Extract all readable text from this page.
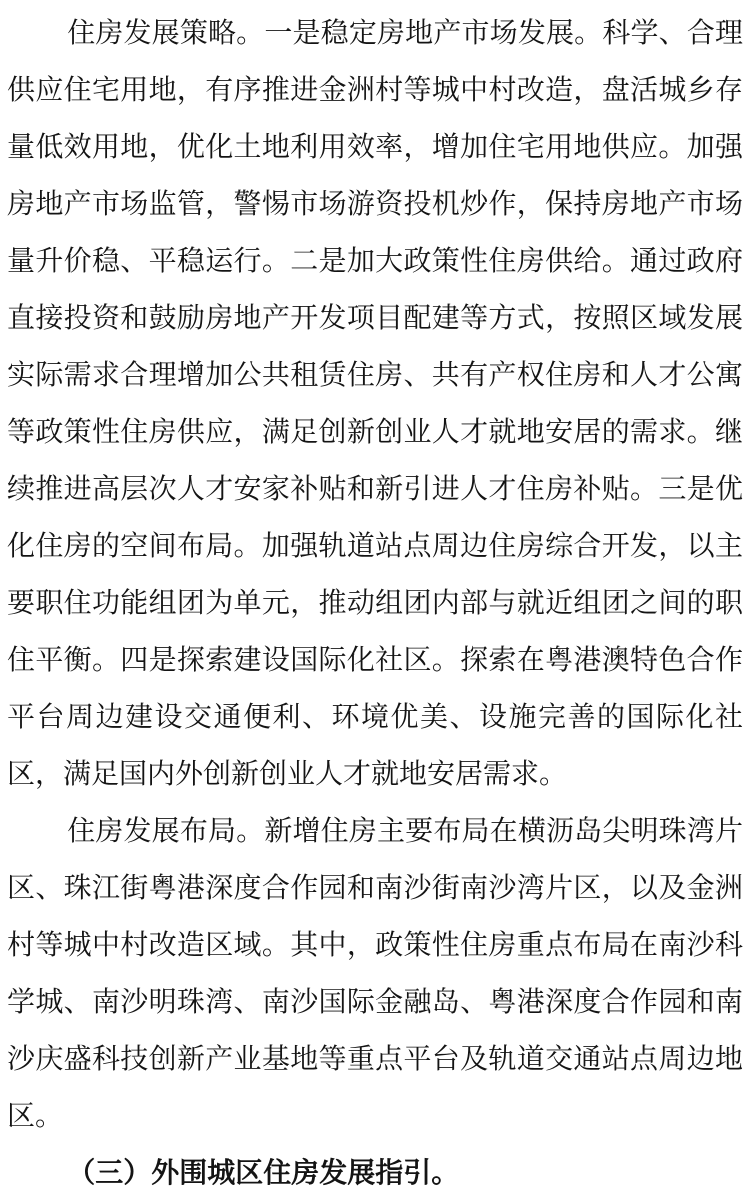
住房发展策略。一是稳定房地产市场发展。科学、合理供应住宅用地，有序推进金洲村等城中村改造，盘活城乡存量低效用地，优化土地利用效率，增加住宅用地供应。加强房地产市场监管，警惕市场游资投机炒作，保持房地产市场量升价稳、平稳运行。二是加大政策性住房供给。通过政府直接投资和鼓励房地产开发项目配建等方式，按照区域发展实际需求合理增加公共租赁住房、共有产权住房和人才公寓等政策性住房供应，满足创新创业人才就地安居的需求。继续推进高层次人才安家补贴和新引进人才住房补贴。三是优化住房的空间布局。加强轨道站点周边住房综合开发，以主要职住功能组团为单元，推动组团内部与就近组团之间的职住平衡。四是探索建设国际化社区。探索在粤港澳特色合作平台周边建设交通便利、环境优美、设施完善的国际化社区，满足国内外创新创业人才就地安居需求。

住房发展布局。新增住房主要布局在横沥岛尖明珠湾片区、珠江街粤港深度合作园和南沙街南沙湾片区，以及金洲村等城中村改造区域。其中，政策性住房重点布局在南沙科学城、南沙明珠湾、南沙国际金融岛、粤港深度合作园和南沙庆盛科技创新产业基地等重点平台及轨道交通站点周边地区。

（三）外围城区住房发展指引。
